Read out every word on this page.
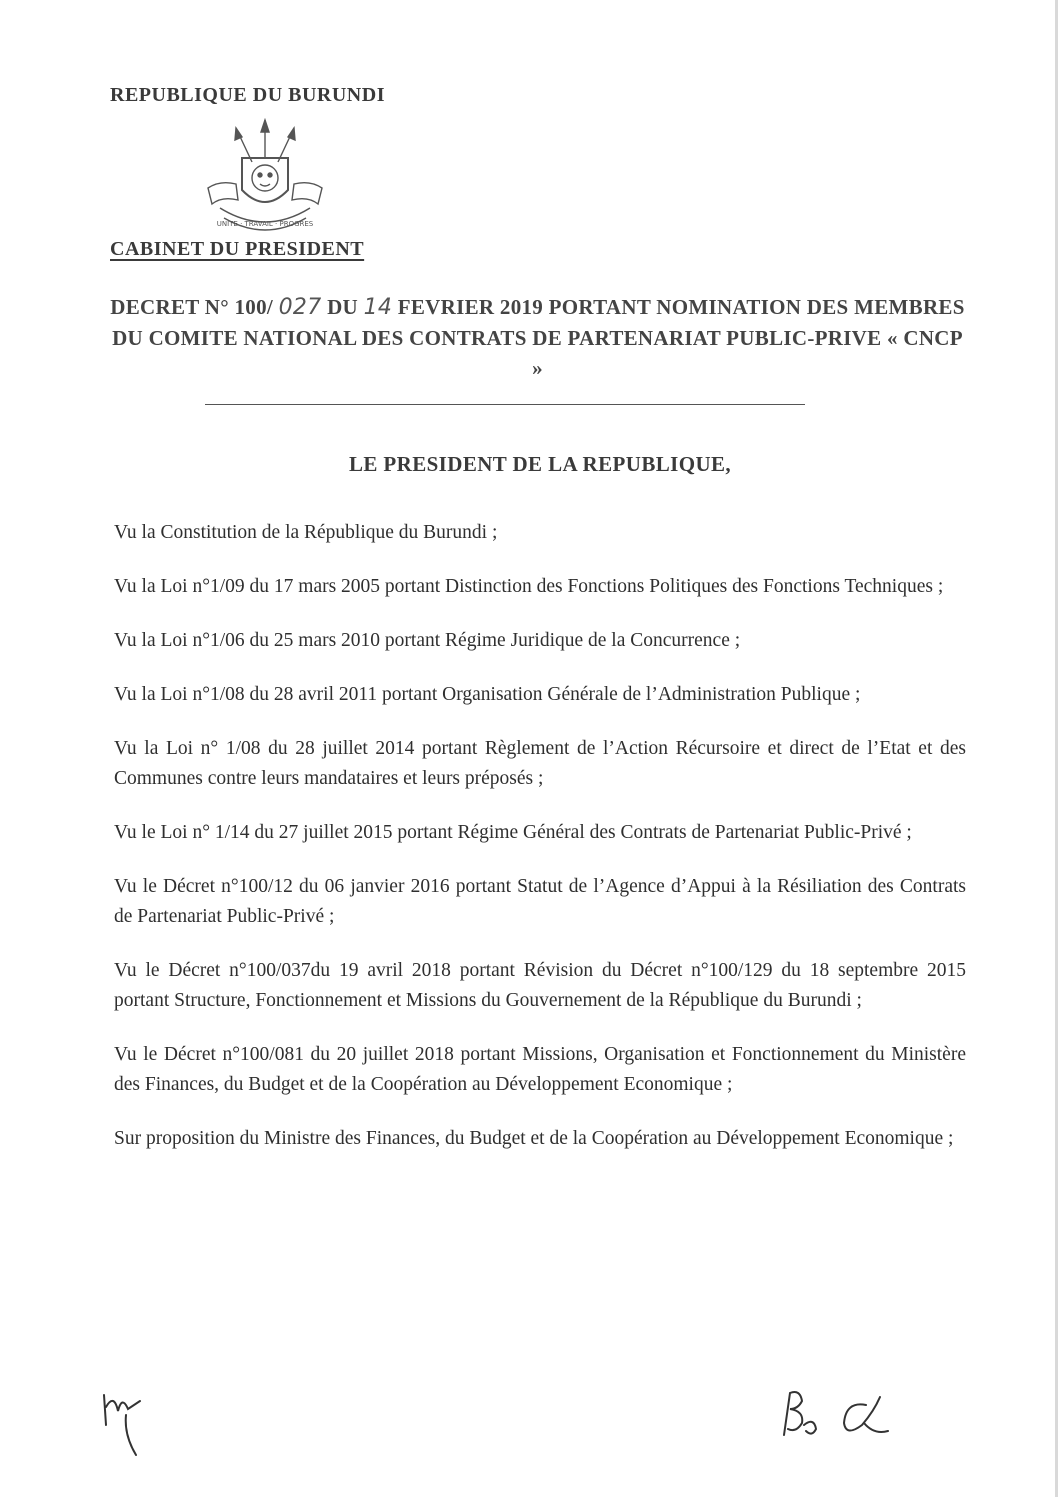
REPUBLIQUE DU BURUNDI
UNITE · TRAVAIL · PROGRES
CABINET DU PRESIDENT
DECRET N° 100/ 027 DU 14 FEVRIER 2019 PORTANT NOMINATION DES MEMBRES DU COMITE NATIONAL DES CONTRATS DE PARTENARIAT PUBLIC-PRIVE « CNCP »
LE PRESIDENT DE LA REPUBLIQUE,

Vu la Constitution de la République du Burundi ;

Vu la Loi n°1/09 du 17 mars 2005 portant Distinction des Fonctions Politiques des Fonctions Techniques ;

Vu la Loi n°1/06 du 25 mars 2010 portant Régime Juridique de la Concurrence ;

Vu la Loi n°1/08 du 28 avril 2011 portant Organisation Générale de l’Administration Publique ;

Vu la Loi n° 1/08 du 28 juillet 2014 portant Règlement de l’Action Récursoire et direct de l’Etat et des Communes contre leurs mandataires et leurs préposés ;

Vu le Loi n° 1/14 du 27 juillet 2015 portant Régime Général des Contrats de Partenariat Public-Privé ;

Vu le Décret n°100/12 du 06 janvier 2016 portant Statut de l’Agence d’Appui à la Résiliation des Contrats de Partenariat Public-Privé ;

Vu le Décret n°100/037du 19 avril 2018 portant Révision du Décret n°100/129 du 18 septembre 2015 portant Structure, Fonctionnement et Missions du Gouvernement de la République du Burundi ;

Vu le Décret n°100/081 du 20 juillet 2018 portant Missions, Organisation et Fonctionnement du Ministère des Finances, du Budget et de la Coopération au Développement Economique ;

Sur proposition du Ministre des Finances, du Budget et de la Coopération au Développement Economique ;
